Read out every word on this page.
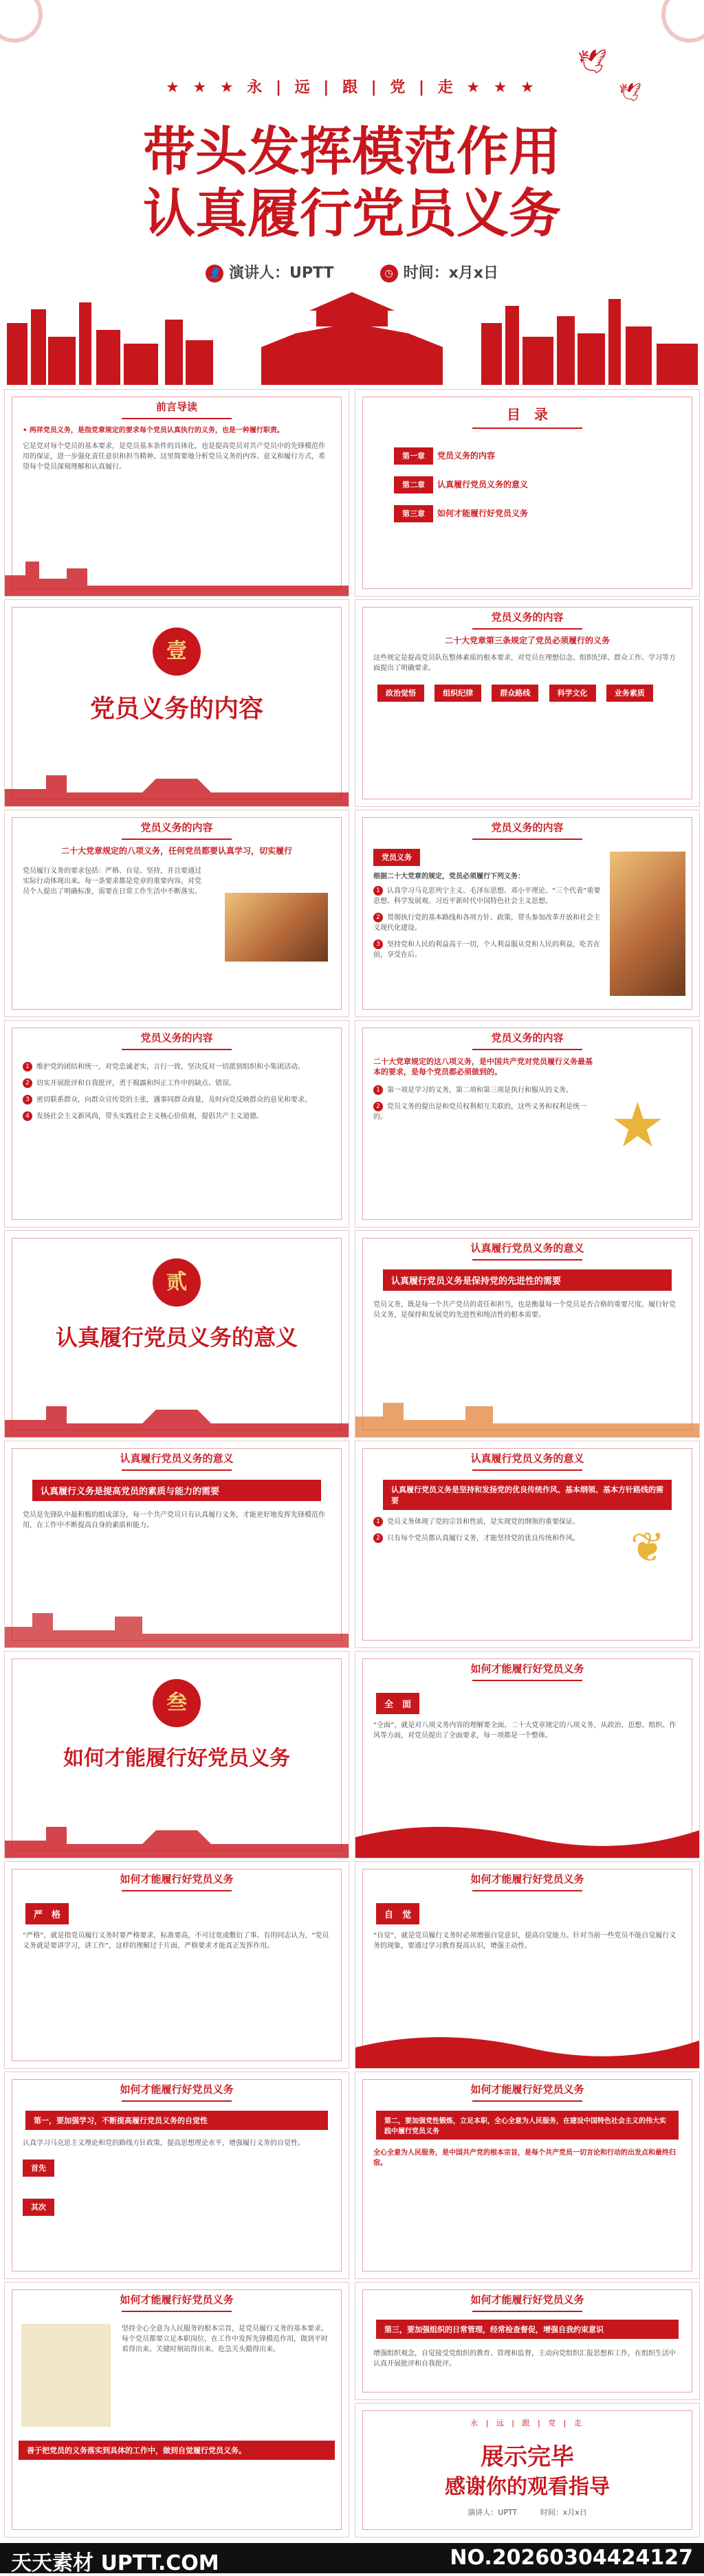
🕊
🕊
★ ★ ★ 永 | 远 | 跟 | 党 | 走 ★ ★ ★
带头发挥模范作用
认真履行党员义务
👤 演讲人：UPTT	◷ 时间：x月x日
前言导读
• 两祥党员义务，是指党章规定的要求每个党员认真执行的义务，也是一种履行职责。
它是党对每个党员的基本要求，是党员基本条件的具体化，也是提高党员对共产党员中的先锋模范作用的保证，进一步强化责任意识和担当精神。这里简要地分析党员义务的内容、意义和履行方式，希望每个党员深刻理解和认真履行。
目　录
第一章 党员义务的内容
第二章 认真履行党员义务的意义
第三章 如何才能履行好党员义务
壹
党员义务的内容
党员义务的内容
二十大党章第三条规定了党员必须履行的义务
这些规定是提高党员队伍整体素质的根本要求，对党员在理想信念、组织纪律、群众工作、学习等方面提出了明确要求。
政治觉悟	组织纪律	群众路线	科学文化	业务素质
党员义务的内容
二十大党章规定的八项义务，任何党员都要认真学习，切实履行
党员履行义务的要求包括：严格、自觉、坚持，并且要通过实际行动体现出来。每一条要求都是党章的重要内容，对党员个人提出了明确标准，需要在日常工作生活中不断落实。
党员义务的内容
党员义务
根据二十大党章的规定，党员必须履行下列义务：
1 认真学习马克思列宁主义、毛泽东思想、邓小平理论、“三个代表”重要思想、科学发展观、习近平新时代中国特色社会主义思想。
2 贯彻执行党的基本路线和各项方针、政策，带头参加改革开放和社会主义现代化建设。
3 坚持党和人民的利益高于一切，个人利益服从党和人民的利益，吃苦在前，享受在后。
党员义务的内容
1 维护党的团结和统一，对党忠诚老实，言行一致，坚决反对一切派别组织和小集团活动。
2 切实开展批评和自我批评，勇于揭露和纠正工作中的缺点、错误。
3 密切联系群众，向群众宣传党的主张，遇事同群众商量，及时向党反映群众的意见和要求。
4 发扬社会主义新风尚，带头实践社会主义核心价值观，提倡共产主义道德。
党员义务的内容
二十大党章规定的这八项义务，是中国共产党对党员履行义务最基本的要求，是每个党员都必须做到的。
1 第一项是学习的义务，第二项和第三项是执行和服从的义务。
2 党员义务的提出是和党员权利相互关联的，这些义务和权利是统一的。	★
贰
认真履行党员义务的意义
认真履行党员义务的意义
认真履行党员义务是保持党的先进性的需要
党员义务，既是每一个共产党员的责任和担当，也是衡量每一个党员是否合格的重要尺度。履行好党员义务，是保持和发展党的先进性和纯洁性的根本需要。
认真履行党员义务的意义
认真履行义务是提高党员的素质与能力的需要
党员是先锋队中最积极的组成部分，每一个共产党员只有认真履行义务，才能更好地发挥先锋模范作用，在工作中不断提高自身的素质和能力。
认真履行党员义务的意义
认真履行党员义务是坚持和发扬党的优良传统作风、基本纲领、基本方针路线的需要
1 党员义务体现了党的宗旨和性质，是实现党的纲领的重要保证。
2 只有每个党员都认真履行义务，才能坚持党的优良传统和作风。	❦
叁
如何才能履行好党员义务
如何才能履行好党员义务
全　面
“全面”，就是对八项义务内容的理解要全面。二十大党章规定的八项义务，从政治、思想、组织、作风等方面，对党员提出了全面要求，每一项都是一个整体。
如何才能履行好党员义务
严　格
“严格”，就是指党员履行义务时要严格要求，标准要高，不可过宽或敷衍了事。有的同志认为，“党员义务就是要讲学习，讲工作”，这样的理解过于片面，严格要求才能真正发挥作用。
如何才能履行好党员义务
自　觉
“自觉”，就是党员履行义务时必须增强自觉意识，提高自觉能力。针对当前一些党员不能自觉履行义务的现象，要通过学习教育提高认识，增强主动性。
如何才能履行好党员义务
第一，要加强学习，不断提高履行党员义务的自觉性
认真学习马克思主义理论和党的路线方针政策，提高思想理论水平，增强履行义务的自觉性。
首先
其次
如何才能履行好党员义务
第二，要加强党性锻炼，立足本职，全心全意为人民服务，在建设中国特色社会主义的伟大实践中履行党员义务
全心全意为人民服务，是中国共产党的根本宗旨，是每个共产党员一切言论和行动的出发点和最终归宿。
如何才能履行好党员义务
坚持全心全意为人民服务的根本宗旨，是党员履行义务的基本要求。每个党员都要立足本职岗位，在工作中发挥先锋模范作用，做到平时看得出来、关键时刻站得出来、危急关头豁得出来。
善于把党员的义务落实到具体的工作中，做到自觉履行党员义务。
如何才能履行好党员义务
第三，要加强组织的日常管理，经常检查督促，增强自我约束意识
增强组织观念，自觉接受党组织的教育、管理和监督，主动向党组织汇报思想和工作，在组织生活中认真开展批评和自我批评。
永 | 远 | 跟 | 党 | 走
展示完毕
感谢你的观看指导
演讲人：UPTT	时间：x月x日
天天素材 UPTT.COM	NO.20260304424127
